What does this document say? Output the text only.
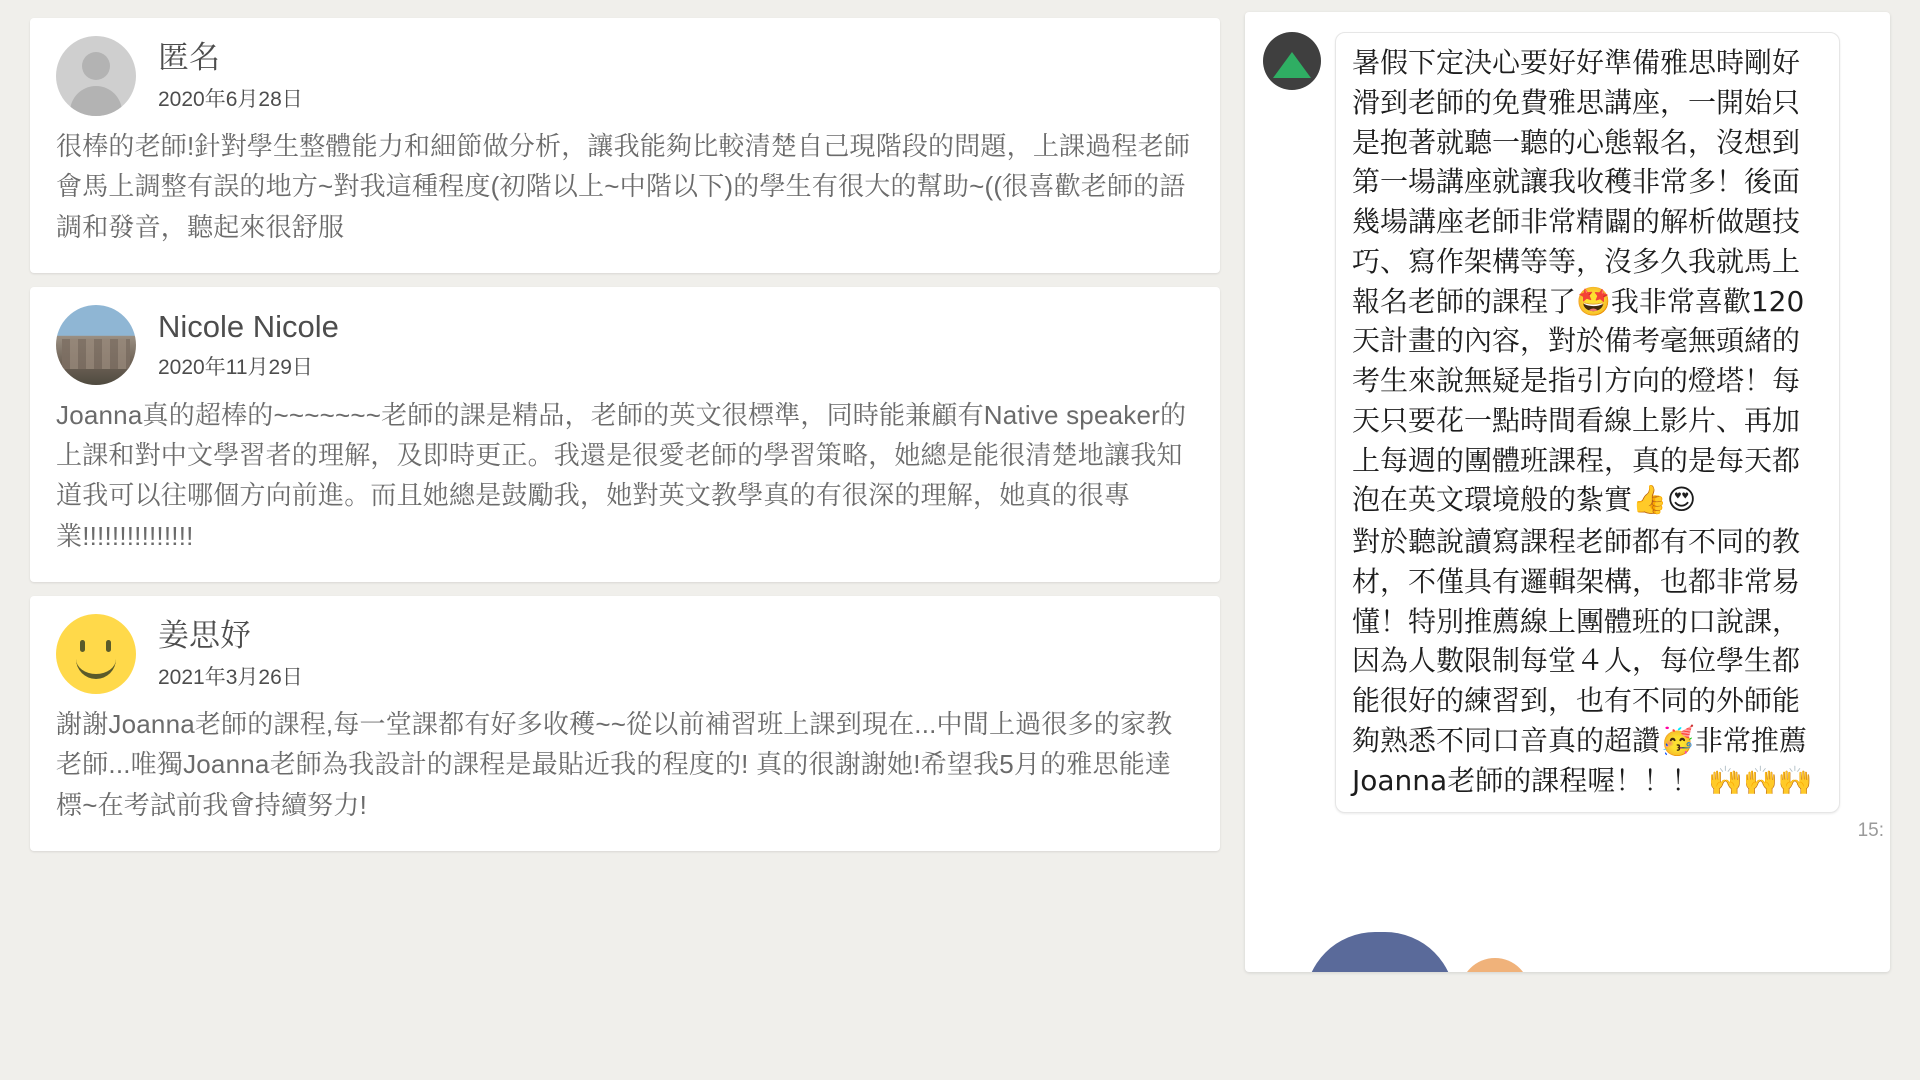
匿名
2020年6月28日
很棒的老師!針對學生整體能力和細節做分析，讓我能夠比較清楚自己現階段的問題，上課過程老師會馬上調整有誤的地方~對我這種程度(初階以上~中階以下)的學生有很大的幫助~((很喜歡老師的語調和發音，聽起來很舒服
Nicole Nicole
2020年11月29日
Joanna真的超棒的~~~~~~~老師的課是精品，老師的英文很標準，同時能兼顧有Native speaker的上課和對中文學習者的理解，及即時更正。我還是很愛老師的學習策略，她總是能很清楚地讓我知道我可以往哪個方向前進。而且她總是鼓勵我，她對英文教學真的有很深的理解，她真的很專業!!!!!!!!!!!!!!!
姜思妤
2021年3月26日
謝謝Joanna老師的課程,每一堂課都有好多收穫~~從以前補習班上課到現在...中間上過很多的家教老師...唯獨Joanna老師為我設計的課程是最貼近我的程度的! 真的很謝謝她!希望我5月的雅思能達標~在考試前我會持續努力!

暑假下定決心要好好準備雅思時剛好滑到老師的免費雅思講座，一開始只是抱著就聽一聽的心態報名，沒想到第一場講座就讓我收穫非常多！後面幾場講座老師非常精闢的解析做題技巧、寫作架構等等，沒多久我就馬上報名老師的課程了🤩我非常喜歡120天計畫的內容，對於備考毫無頭緒的考生來說無疑是指引方向的燈塔！每天只要花一點時間看線上影片、再加上每週的團體班課程，真的是每天都泡在英文環境般的紮實👍😍

對於聽說讀寫課程老師都有不同的教材，不僅具有邏輯架構，也都非常易懂！特別推薦線上團體班的口說課，因為人數限制每堂４人，每位學生都能很好的練習到，也有不同的外師能夠熟悉不同口音真的超讚🥳非常推薦Joanna老師的課程喔！！！ 🙌🙌🙌

15:
